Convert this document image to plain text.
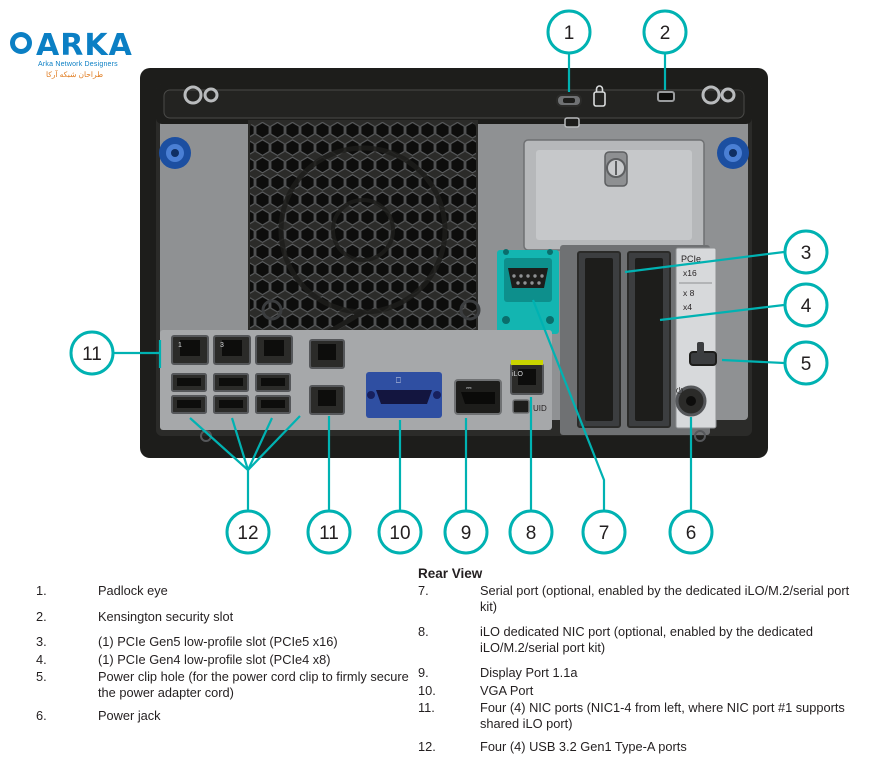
ARKA
Arka Network Designers
طراحان شبکه آرکا
PCIe
x16
x 8
x4
⏻
1	3
⎕
⎓
iLO
UID
1	2
3
4
5
6
7
8
9
10
11
12
11
Rear View
1.	Padlock eye
2.	Kensington security slot
3.	(1) PCIe Gen5 low-profile slot (PCIe5 x16)
4.	(1) PCIe Gen4 low-profile slot (PCIe4 x8)
5.	Power clip hole (for the power cord clip to firmly secure the power adapter cord)
6.	Power jack
7.	Serial port (optional, enabled by the dedicated iLO/M.2/serial port kit)
8.	iLO dedicated NIC port (optional, enabled by the dedicated iLO/M.2/serial port kit)
9.	Display Port 1.1a
10.	VGA Port
11.	Four (4) NIC ports (NIC1-4 from left, where NIC port #1 supports shared iLO port)
12.	Four (4) USB 3.2 Gen1 Type-A ports
